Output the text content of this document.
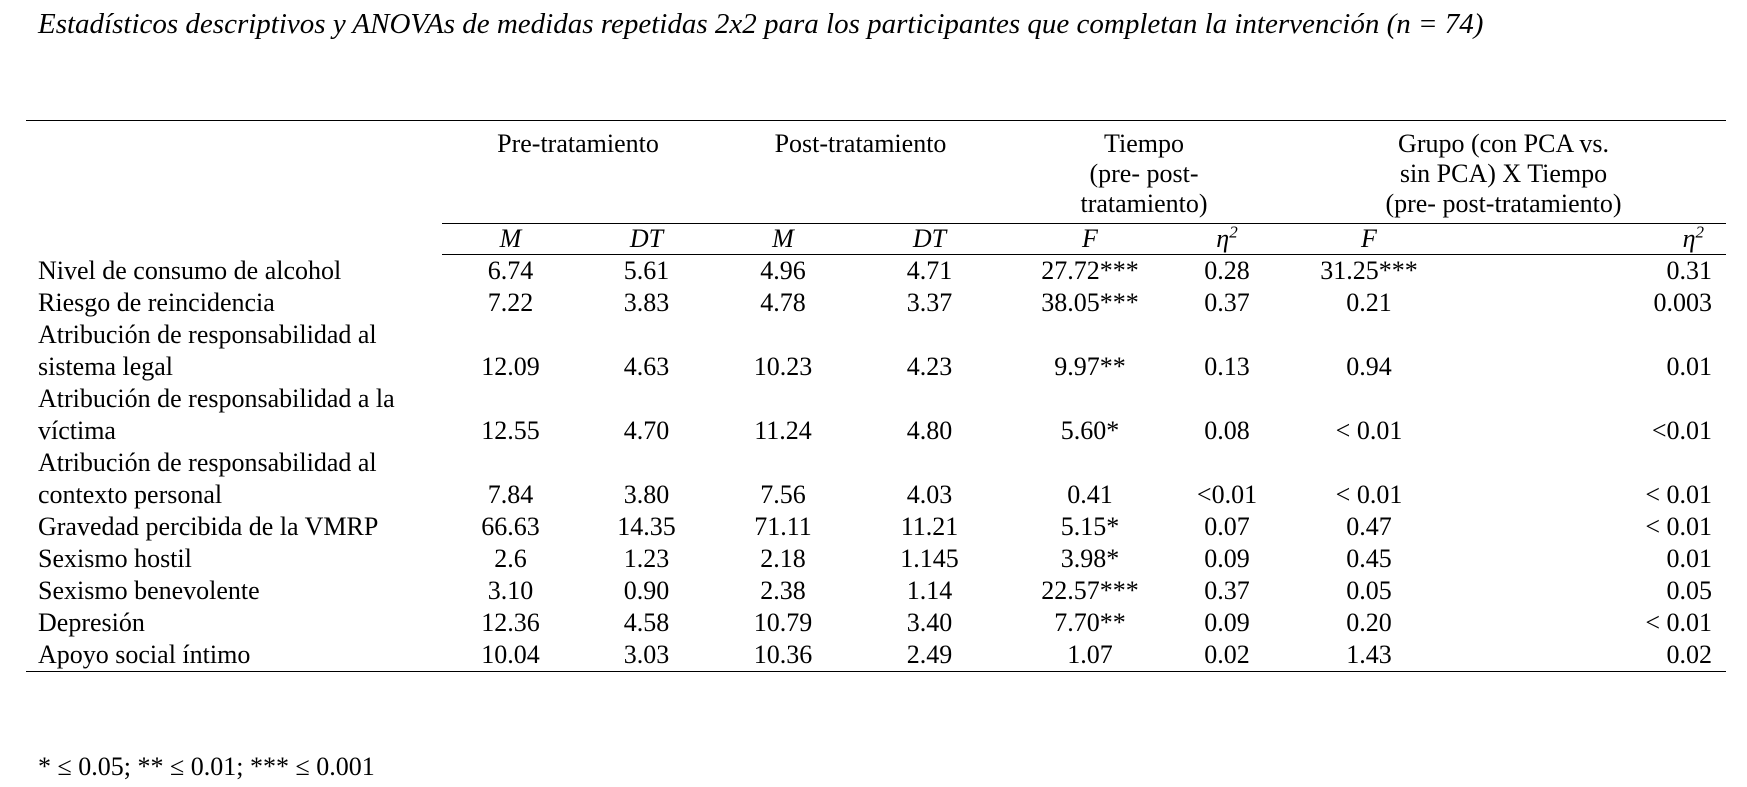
Estadísticos descriptivos y ANOVAs de medidas repetidas 2x2 para los participantes que completan la intervención (n = 74)

	Pre-tratamiento		Post-tratamiento		Tiempo
(pre- post-
tratamiento)		Grupo (con PCA vs.
sin PCA) X Tiempo
(pre- post-tratamiento)	

	M	DT	M	DT	F	$\eta^2$	F	$\eta^2$
Nivel de consumo de alcohol	6.74	5.61	4.96	4.71	27.72***	0.28	31.25***	0.31
Riesgo de reincidencia	7.22	3.83	4.78	3.37	38.05***	0.37	0.21	0.003
Atribución de responsabilidad al sistema legal	12.09	4.63	10.23	4.23	9.97**	0.13	0.94	0.01
Atribución de responsabilidad a la víctima	12.55	4.70	11.24	4.80	5.60*	0.08	< 0.01	<0.01
Atribución de responsabilidad al contexto personal	7.84	3.80	7.56	4.03	0.41	<0.01	< 0.01	< 0.01
Gravedad percibida de la VMRP	66.63	14.35	71.11	11.21	5.15*	0.07	0.47	< 0.01
Sexismo hostil	2.6	1.23	2.18	1.145	3.98*	0.09	0.45	0.01
Sexismo benevolente	3.10	0.90	2.38	1.14	22.57***	0.37	0.05	0.05
Depresión	12.36	4.58	10.79	3.40	7.70**	0.09	0.20	< 0.01
Apoyo social íntimo	10.04	3.03	10.36	2.49	1.07	0.02	1.43	0.02

* ≤ 0.05; ** ≤ 0.01; *** ≤ 0.001
